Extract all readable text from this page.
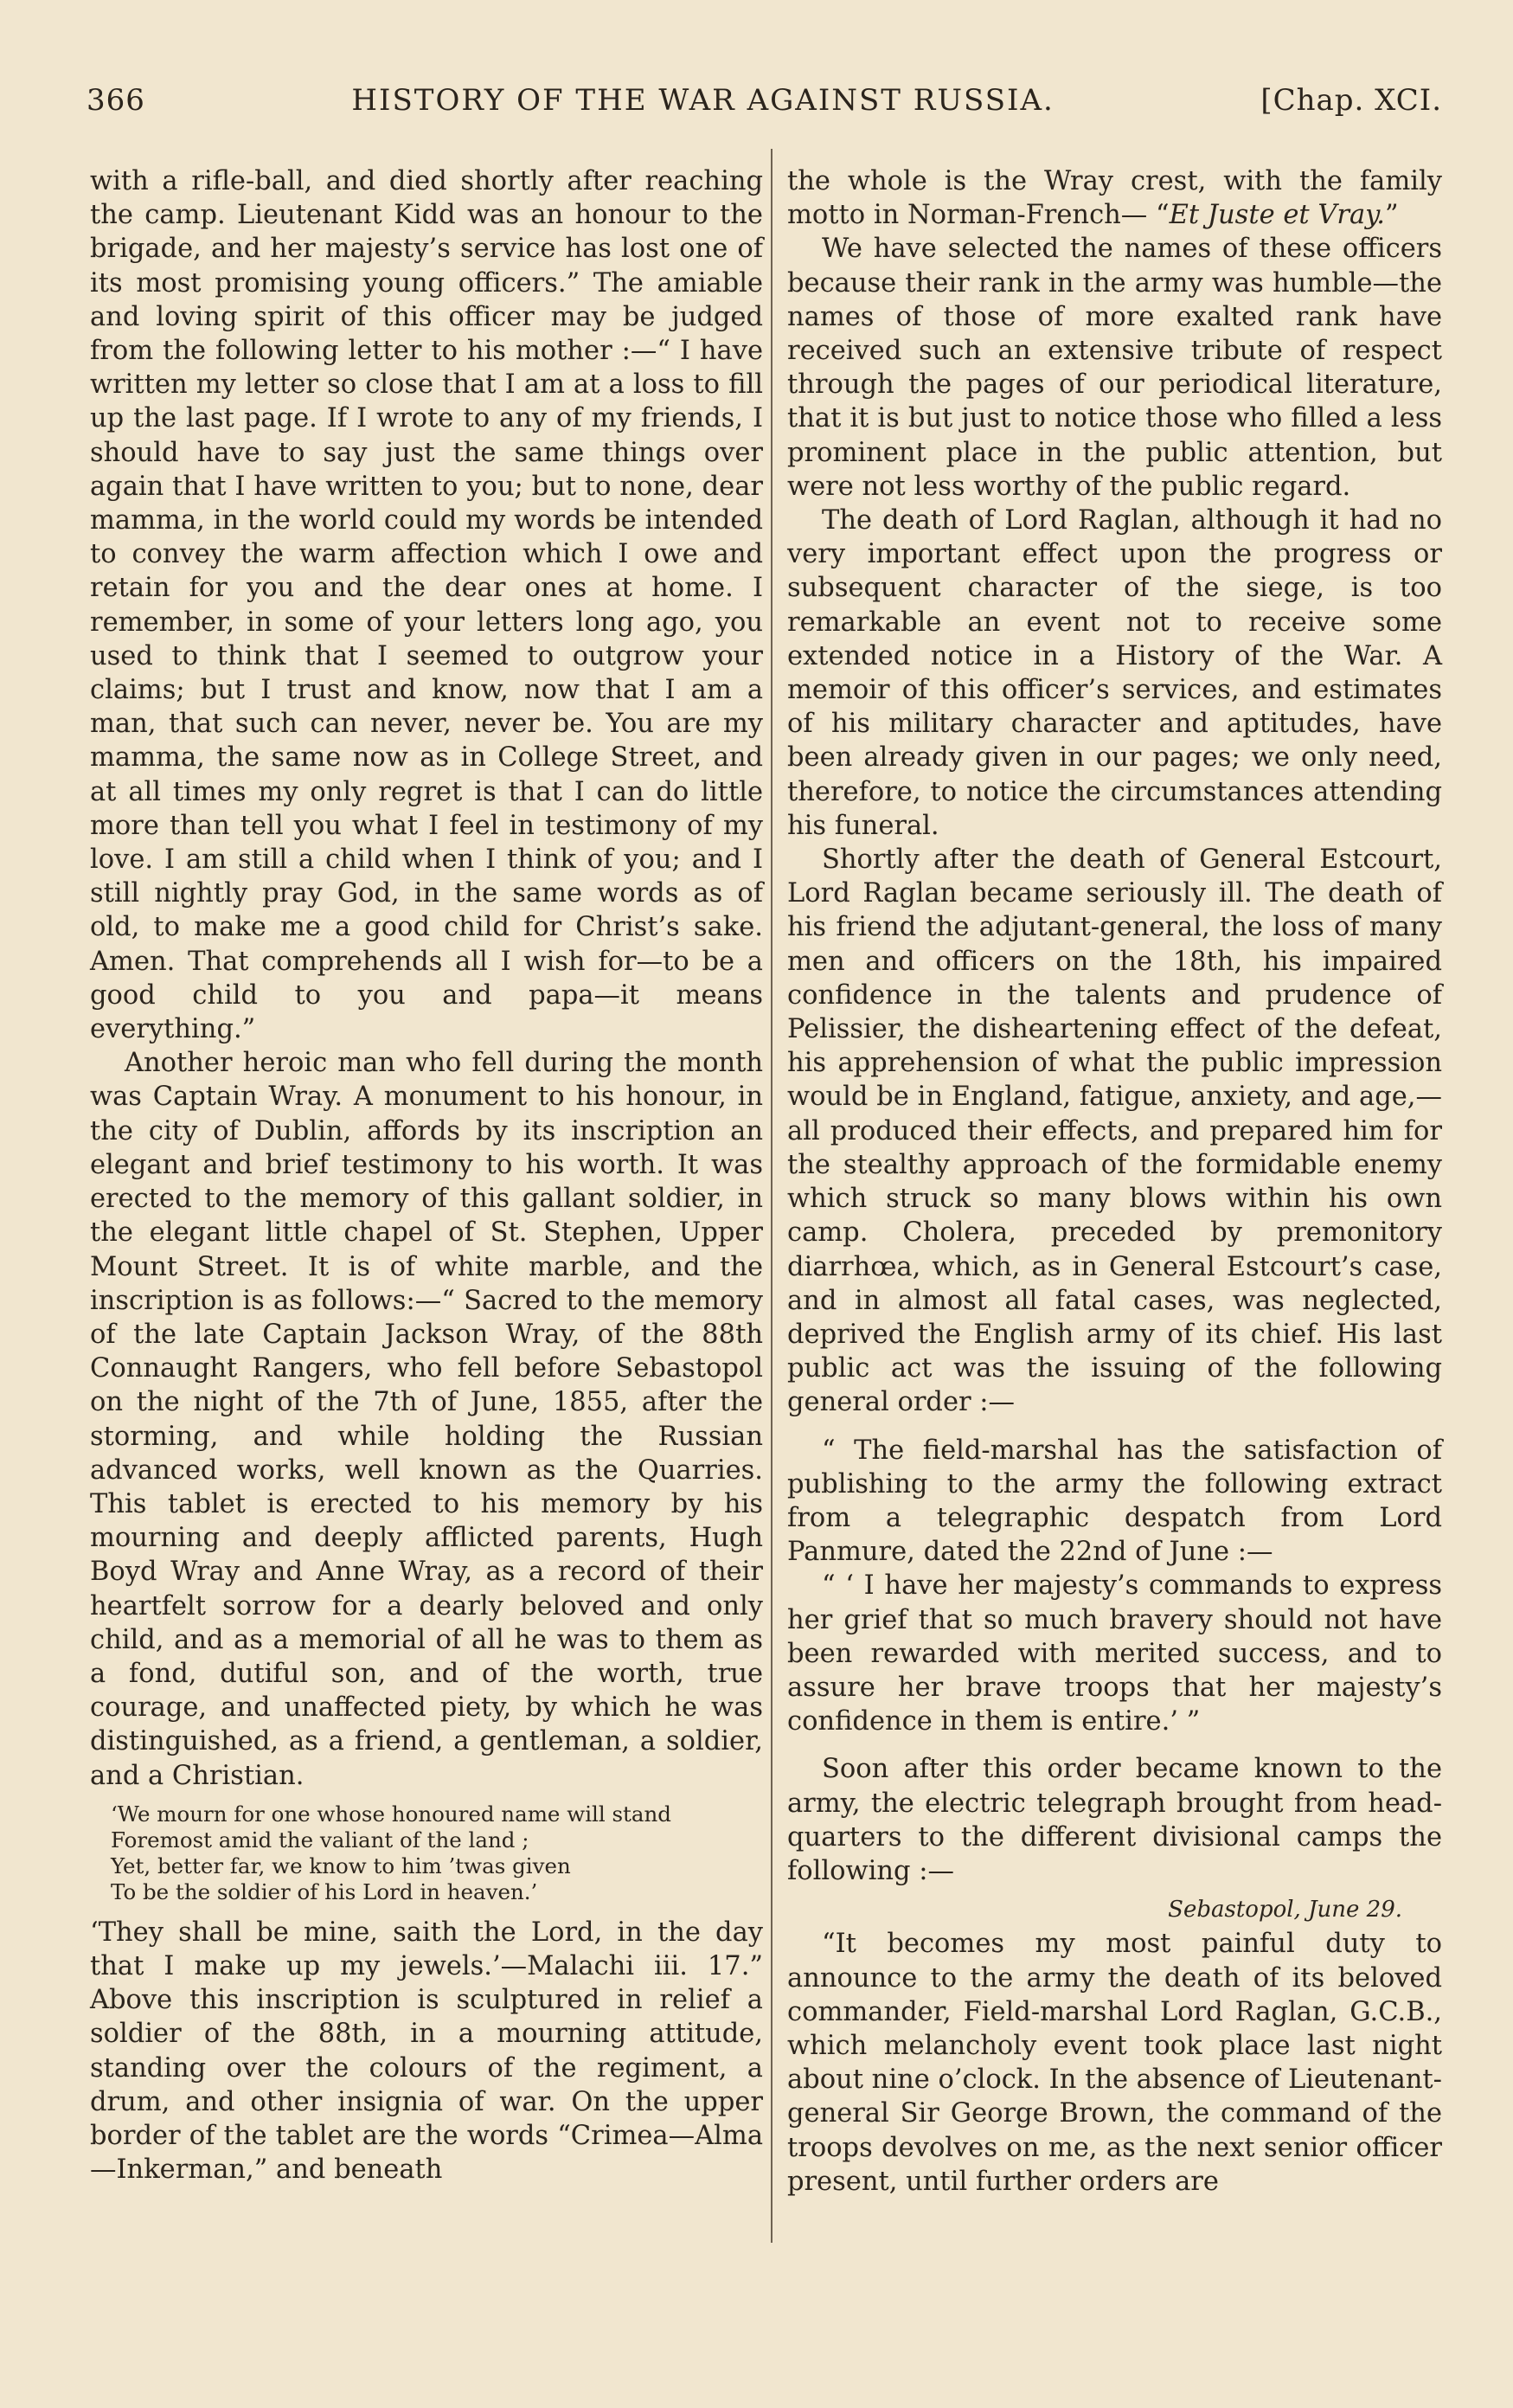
366	HISTORY OF THE WAR AGAINST RUSSIA.	[Chap. XCI.

with a rifle-ball, and died shortly after reaching the camp. Lieutenant Kidd was an honour to the brigade, and her majesty’s service has lost one of its most promising young officers.” The amiable and loving spirit of this officer may be judged from the following letter to his mother :—“ I have written my letter so close that I am at a loss to fill up the last page. If I wrote to any of my friends, I should have to say just the same things over again that I have written to you; but to none, dear mamma, in the world could my words be intended to convey the warm affection which I owe and retain for you and the dear ones at home. I remember, in some of your letters long ago, you used to think that I seemed to outgrow your claims; but I trust and know, now that I am a man, that such can never, never be. You are my mamma, the same now as in College Street, and at all times my only regret is that I can do little more than tell you what I feel in testimony of my love. I am still a child when I think of you; and I still nightly pray God, in the same words as of old, to make me a good child for Christ’s sake. Amen. That comprehends all I wish for—to be a good child to you and papa—it means everything.”

Another heroic man who fell during the month was Captain Wray. A monument to his honour, in the city of Dublin, affords by its inscription an elegant and brief testimony to his worth. It was erected to the memory of this gallant soldier, in the elegant little chapel of St. Stephen, Upper Mount Street. It is of white marble, and the inscription is as follows:—“ Sacred to the memory of the late Captain Jackson Wray, of the 88th Connaught Rangers, who fell before Sebastopol on the night of the 7th of June, 1855, after the storming, and while holding the Russian advanced works, well known as the Quarries. This tablet is erected to his memory by his mourning and deeply afflicted parents, Hugh Boyd Wray and Anne Wray, as a record of their heartfelt sorrow for a dearly beloved and only child, and as a memorial of all he was to them as a fond, dutiful son, and of the worth, true courage, and unaffected piety, by which he was distinguished, as a friend, a gentleman, a soldier, and a Christian.

‘We mourn for one whose honoured name will stand
Foremost amid the valiant of the land ;
Yet, better far, we know to him ’twas given
To be the soldier of his Lord in heaven.’

‘They shall be mine, saith the Lord, in the day that I make up my jewels.’—Malachi iii. 17.” Above this inscription is sculptured in relief a soldier of the 88th, in a mourning attitude, standing over the colours of the regiment, a drum, and other insignia of war. On the upper border of the tablet are the words “Crimea—Alma—Inkerman,” and beneath

the whole is the Wray crest, with the family motto in Norman-French— “Et Juste et Vray.”

We have selected the names of these officers because their rank in the army was humble—the names of those of more exalted rank have received such an extensive tribute of respect through the pages of our periodical literature, that it is but just to notice those who filled a less prominent place in the public attention, but were not less worthy of the public regard.

The death of Lord Raglan, although it had no very important effect upon the progress or subsequent character of the siege, is too remarkable an event not to receive some extended notice in a History of the War. A memoir of this officer’s services, and estimates of his military character and aptitudes, have been already given in our pages; we only need, therefore, to notice the circumstances attending his funeral.

Shortly after the death of General Estcourt, Lord Raglan became seriously ill. The death of his friend the adjutant-general, the loss of many men and officers on the 18th, his impaired confidence in the talents and prudence of Pelissier, the disheartening effect of the defeat, his apprehension of what the public impression would be in England, fatigue, anxiety, and age,—all produced their effects, and prepared him for the stealthy approach of the formidable enemy which struck so many blows within his own camp. Cholera, preceded by premonitory diarrhœa, which, as in General Estcourt’s case, and in almost all fatal cases, was neglected, deprived the English army of its chief. His last public act was the issuing of the following general order :—

“ The field-marshal has the satisfaction of publishing to the army the following extract from a telegraphic despatch from Lord Panmure, dated the 22nd of June :—

“ ‘ I have her majesty’s commands to express her grief that so much bravery should not have been rewarded with merited success, and to assure her brave troops that her majesty’s confidence in them is entire.’ ”

Soon after this order became known to the army, the electric telegraph brought from head-quarters to the different divisional camps the following :—

Sebastopol, June 29.

“It becomes my most painful duty to announce to the army the death of its beloved commander, Field-marshal Lord Raglan, G.C.B., which melancholy event took place last night about nine o’clock. In the absence of Lieutenant-general Sir George Brown, the command of the troops devolves on me, as the next senior officer present, until further orders are
